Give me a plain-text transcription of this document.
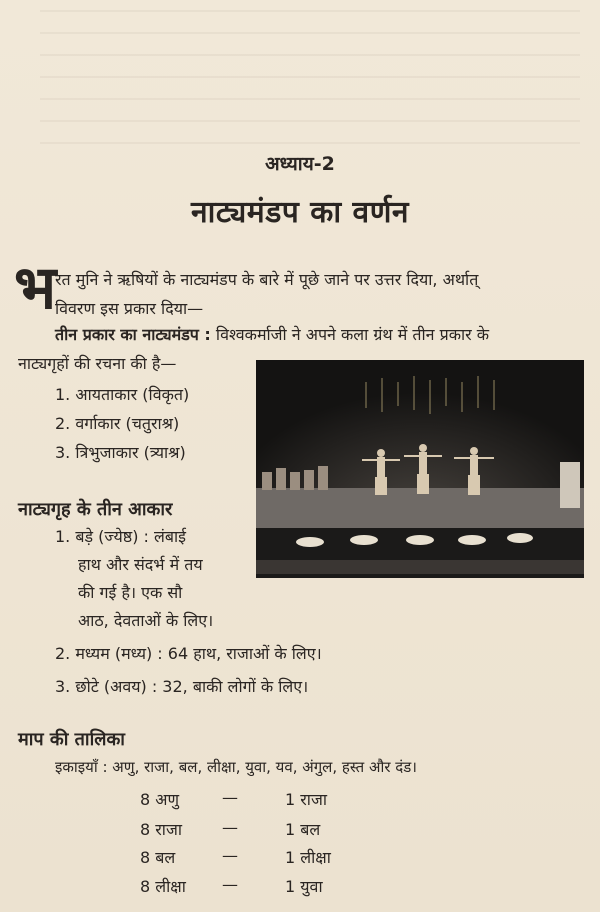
अध्याय-2
नाट्यमंडप का वर्णन
भ
रत मुनि ने ऋषियों के नाट्यमंडप के बारे में पूछे जाने पर उत्तर दिया, अर्थात्
विवरण इस प्रकार दिया—
तीन प्रकार का नाट्यमंडप : विश्वकर्माजी ने अपने कला ग्रंथ में तीन प्रकार के
नाट्यगृहों की रचना की है—
1. आयताकार (विकृत)
2. वर्गाकार (चतुराश्र)
3. त्रिभुजाकार (त्र्याश्र)
नाट्यगृह के तीन आकार
1. बड़े (ज्येष्ठ) : लंबाई
हाथ और संदर्भ में तय
की गई है। एक सौ
आठ, देवताओं के लिए।
2. मध्यम (मध्य) : 64 हाथ, राजाओं के लिए।
3. छोटे (अवय) : 32, बाकी लोगों के लिए।
माप की तालिका
इकाइयाँ : अणु, राजा, बल, लीक्षा, युवा, यव, अंगुल, हस्त और दंड।
8 अणु	—	1 राजा
8 राजा	—	1 बल
8 बल	—	1 लीक्षा
8 लीक्षा —	1 युवा
